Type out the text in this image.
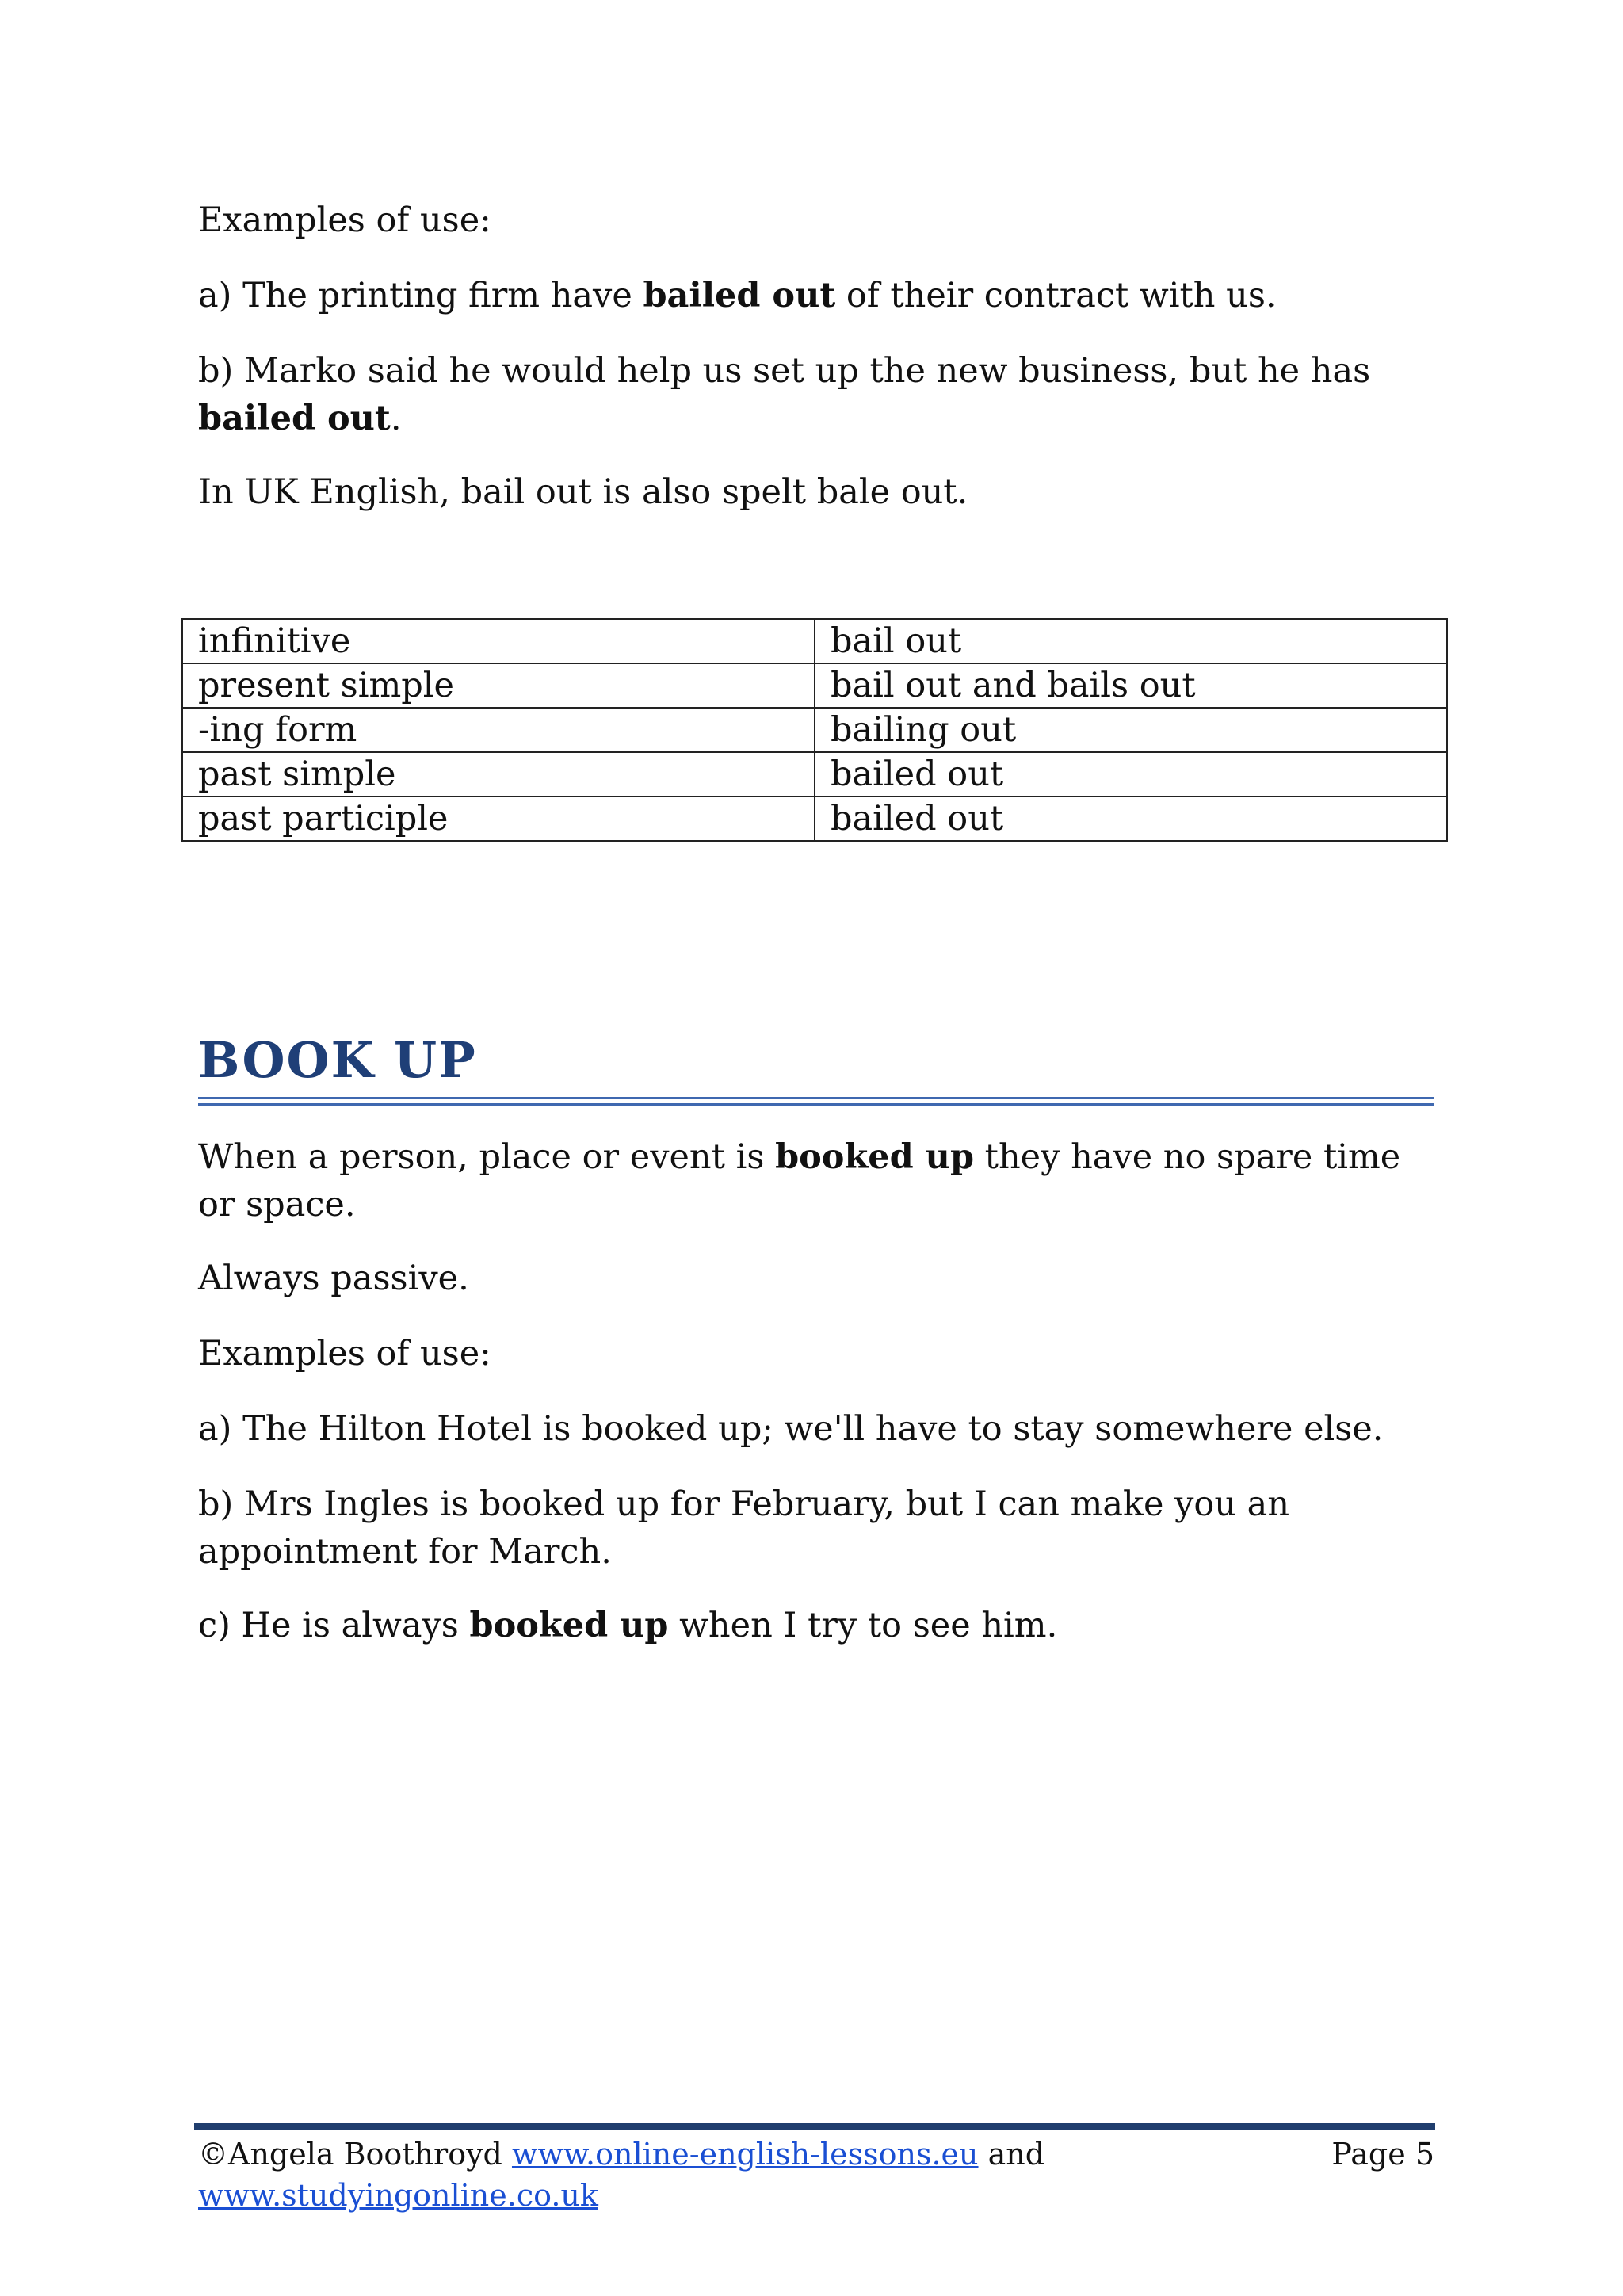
Examples of use:

a) The printing firm have bailed out of their contract with us.

b) Marko said he would help us set up the new business, but he has bailed out.

In UK English, bail out is also spelt bale out.

infinitive	bail out
present simple	bail out and bails out
-ing form	bailing out
past simple	bailed out
past participle	bailed out
BOOK UP

When a person, place or event is booked up they have no spare time or space.

Always passive.

Examples of use:

a) The Hilton Hotel is booked up; we'll have to stay somewhere else.

b) Mrs Ingles is booked up for February, but I can make you an appointment for March.

c) He is always booked up when I try to see him.

©Angela Boothroyd www.online-english-lessons.eu and www.studyingonline.co.uk
Page 5
